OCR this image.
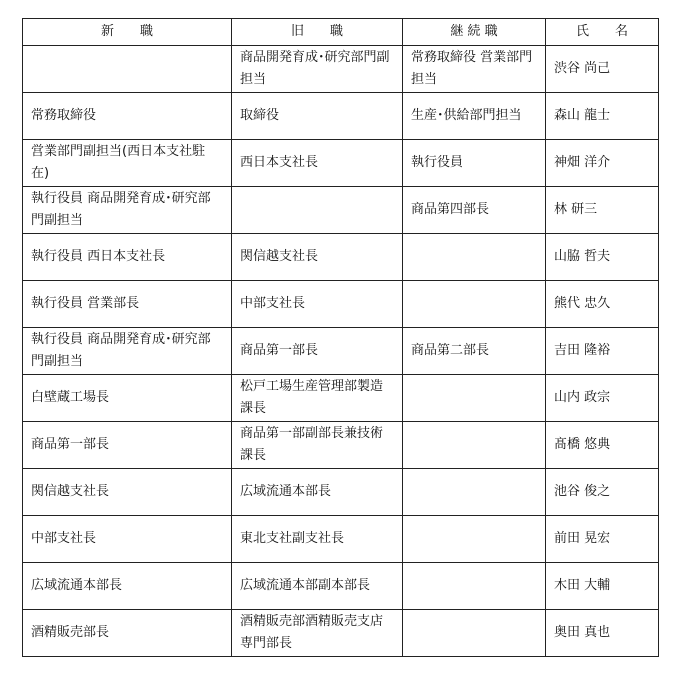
新　　職	旧　　職	継 続 職	氏　　名
	商品開発育成･研究部門副担当	常務取締役 営業部門担当	渋谷 尚己
常務取締役	取締役	生産･供給部門担当	森山 龍士
営業部門副担当(西日本支社駐在)	西日本支社長	執行役員	神畑 洋介
執行役員 商品開発育成･研究部門副担当		商品第四部長	林 研三
執行役員 西日本支社長	関信越支社長		山脇 哲夫
執行役員 営業部長	中部支社長		熊代 忠久
執行役員 商品開発育成･研究部門副担当	商品第一部長	商品第二部長	吉田 隆裕
白壁蔵工場長	松戸工場生産管理部製造課長		山内 政宗
商品第一部長	商品第一部副部長兼技術課長		髙橋 悠典
関信越支社長	広域流通本部長		池谷 俊之
中部支社長	東北支社副支社長		前田 晃宏
広域流通本部長	広域流通本部副本部長		木田 大輔
酒精販売部長	酒精販売部酒精販売支店専門部長		奥田 真也
